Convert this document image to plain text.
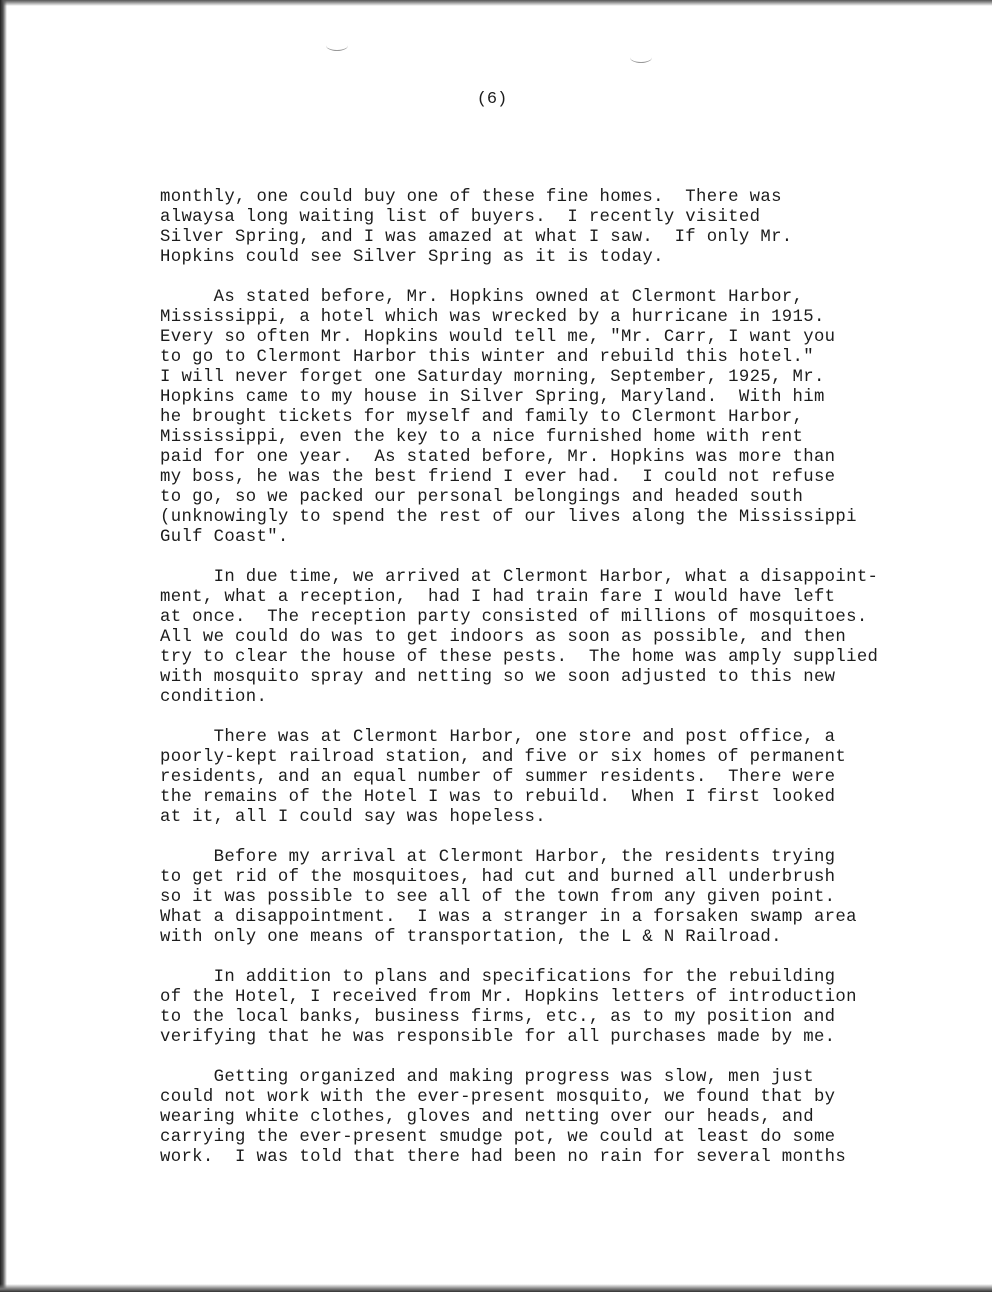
(6)
monthly, one could buy one of these fine homes.  There was
alwaysa long waiting list of buyers.  I recently visited
Silver Spring, and I was amazed at what I saw.  If only Mr.
Hopkins could see Silver Spring as it is today.
As stated before, Mr. Hopkins owned at Clermont Harbor,
Mississippi, a hotel which was wrecked by a hurricane in 1915.
Every so often Mr. Hopkins would tell me, "Mr. Carr, I want you
to go to Clermont Harbor this winter and rebuild this hotel."
I will never forget one Saturday morning, September, 1925, Mr.
Hopkins came to my house in Silver Spring, Maryland.  With him
he brought tickets for myself and family to Clermont Harbor,
Mississippi, even the key to a nice furnished home with rent
paid for one year.  As stated before, Mr. Hopkins was more than
my boss, he was the best friend I ever had.  I could not refuse
to go, so we packed our personal belongings and headed south
(unknowingly to spend the rest of our lives along the Mississippi
Gulf Coast".
In due time, we arrived at Clermont Harbor, what a disappoint-
ment, what a reception,  had I had train fare I would have left
at once.  The reception party consisted of millions of mosquitoes.
All we could do was to get indoors as soon as possible, and then
try to clear the house of these pests.  The home was amply supplied
with mosquito spray and netting so we soon adjusted to this new
condition.
There was at Clermont Harbor, one store and post office, a
poorly-kept railroad station, and five or six homes of permanent
residents, and an equal number of summer residents.  There were
the remains of the Hotel I was to rebuild.  When I first looked
at it, all I could say was hopeless.
Before my arrival at Clermont Harbor, the residents trying
to get rid of the mosquitoes, had cut and burned all underbrush
so it was possible to see all of the town from any given point.
What a disappointment.  I was a stranger in a forsaken swamp area
with only one means of transportation, the L & N Railroad.
In addition to plans and specifications for the rebuilding
of the Hotel, I received from Mr. Hopkins letters of introduction
to the local banks, business firms, etc., as to my position and
verifying that he was responsible for all purchases made by me.
Getting organized and making progress was slow, men just
could not work with the ever-present mosquito, we found that by
wearing white clothes, gloves and netting over our heads, and
carrying the ever-present smudge pot, we could at least do some
work.  I was told that there had been no rain for several months
